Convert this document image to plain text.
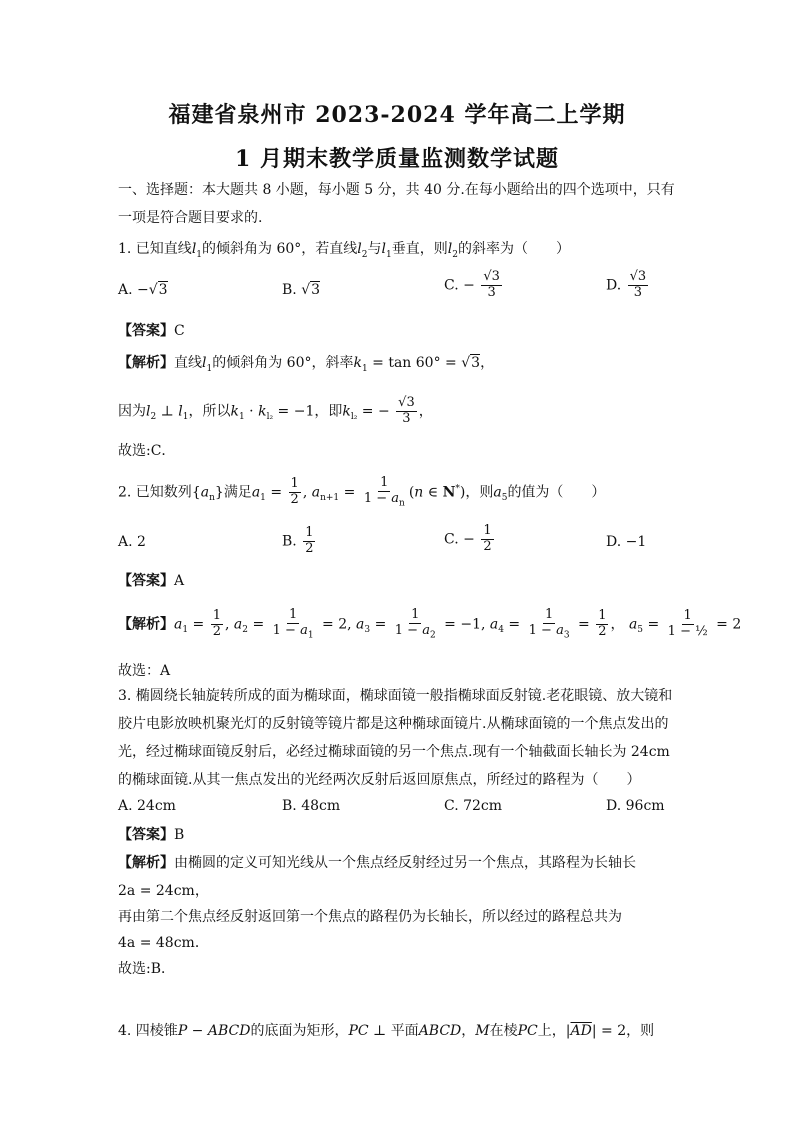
福建省泉州市 2023-2024 学年高二上学期
1 月期末教学质量监测数学试题
一、选择题：本大题共 8 小题，每小题 5 分，共 40 分.在每小题给出的四个选项中，只有一项是符合题目要求的.
1. 已知直线$l_1$的倾斜角为 60°，若直线$l_2$与$l_1$垂直，则$l_2$的斜率为（　　）
A. −√3	B. √3	C. − $\frac{√3}{3}$	D. $\frac{√3}{3}$
【答案】C
【解析】直线$l_1$的倾斜角为 60°，斜率$k_1 = \tan 60^\circ = √3$，
因为$l_2$ ⊥ $l_1$，所以$k_1 \cdot k_{l_2} = -1$，即$k_{l_2}$ = − $\frac{√3}{3}$ ，
故选:C．
2. 已知数列$\{a_n\}$满足$a_1 = \frac{1}{2}$ , $a_{n+1} = \frac{1}{1 - a_n} (n$ ∈ N*)，则$a_5$的值为（　　）
A. 2	B. $\frac{1}{2}$	C. − $\frac{1}{2}$	D. −1
【答案】A
【解析】$a_1 = \frac{1}{2}$ , $a_2 = \frac{1}{1 - a_1} = 2$, $a_3 = \frac{1}{1 - a_2} = -1$, $a_4 = \frac{1}{1 - a_3} = \frac{1}{2}$ ， $a_5 = \frac{1}{\text{1 − ½}} = 2$
故选：A
3. 椭圆绕长轴旋转所成的面为椭球面，椭球面镜一般指椭球面反射镜.老花眼镜、放大镜和胶片电影放映机聚光灯的反射镜等镜片都是这种椭球面镜片.从椭球面镜的一个焦点发出的光，经过椭球面镜反射后，必经过椭球面镜的另一个焦点.现有一个轴截面长轴长为 24cm 的椭球面镜.从其一焦点发出的光经两次反射后返回原焦点，所经过的路程为（　　）
A. 24cm	B. 48cm	C. 72cm	D. 96cm
【答案】B
【解析】由椭圆的定义可知光线从一个焦点经反射经过另一个焦点，其路程为长轴长
2a = 24cm，
再由第二个焦点经反射返回第一个焦点的路程仍为长轴长，所以经过的路程总共为
4a = 48cm．
故选:B．
4. 四棱锥P − ABCD的底面为矩形，PC ⊥ 平面ABCD，M在棱PC上，$|\overline{AD}| = 2$，则
